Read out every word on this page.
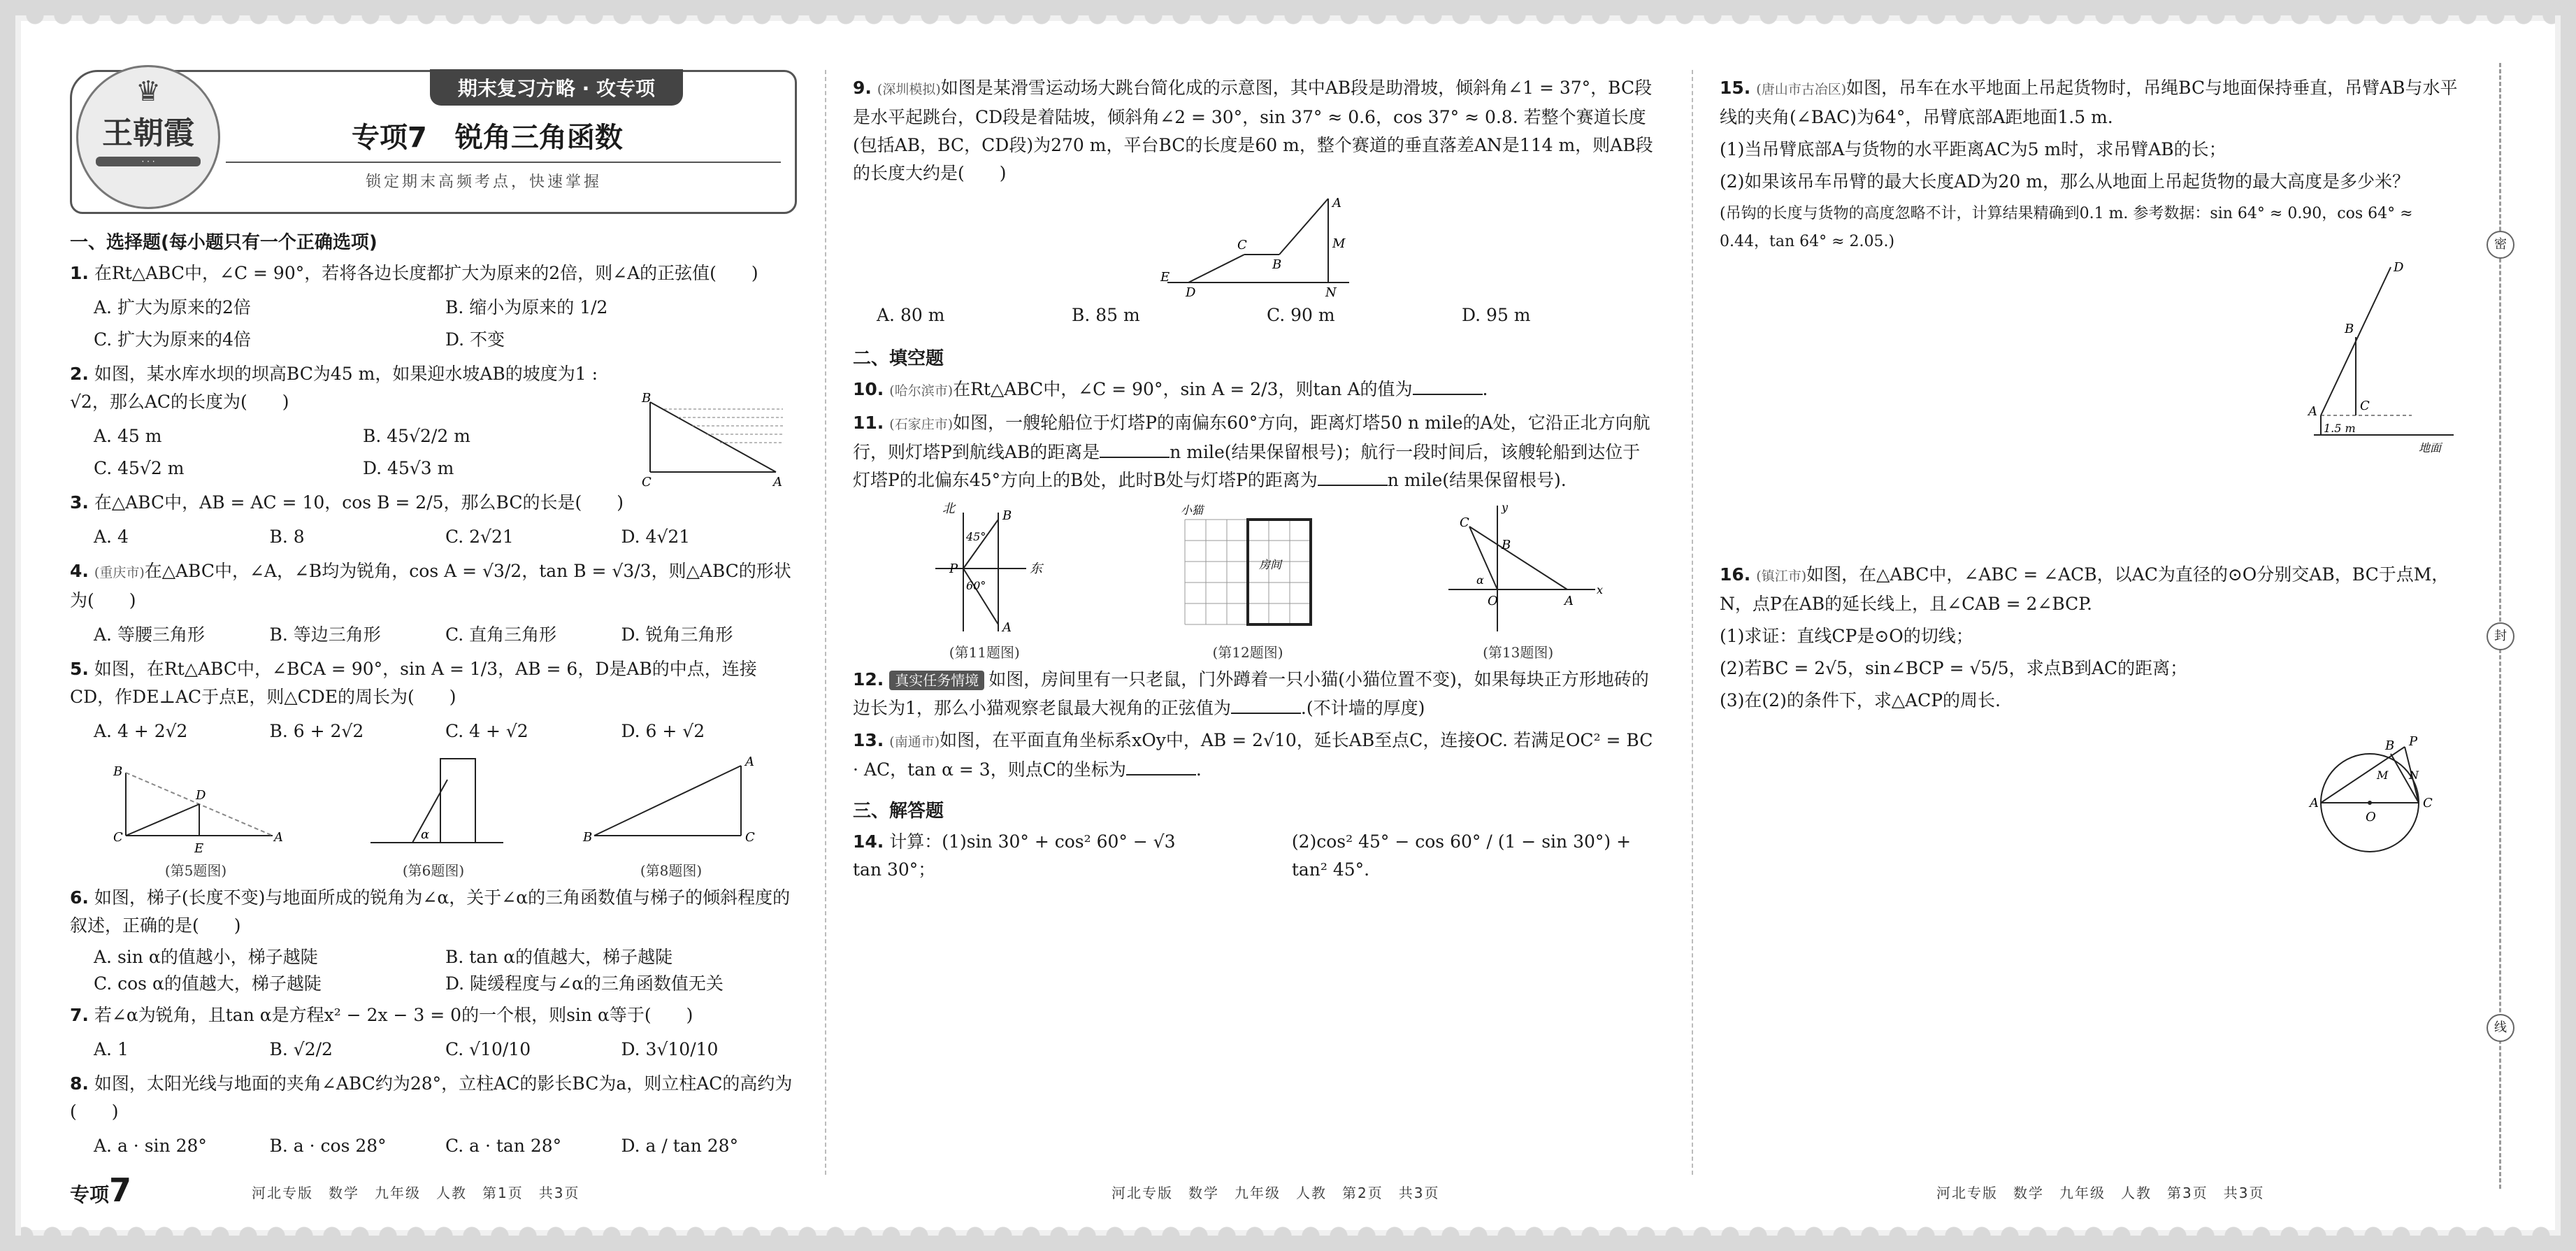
密
封
线
♛
王朝霞
· · ·
期末复习方略 · 攻专项
专项7　锐角三角函数
锁定期末高频考点，快速掌握
一、选择题(每小题只有一个正确选项)
1. 在Rt△ABC中，∠C = 90°，若将各边长度都扩大为原来的2倍，则∠A的正弦值(　　)
A. 扩大为原来的2倍	B. 缩小为原来的 1/2
C. 扩大为原来的4倍	D. 不变
2. 如图，某水库水坝的坝高BC为45 m，如果迎水坡AB的坡度为1 : √2，那么AC的长度为(　　)
A. 45 m	B. 45√2/2 m
C. 45√2 m	D. 45√3 m
B
C	A
3. 在△ABC中，AB = AC = 10，cos B = 2/5，那么BC的长是(　　)
A. 4	B. 8	C. 2√21	D. 4√21
4. (重庆市)在△ABC中，∠A，∠B均为锐角，cos A = √3/2，tan B = √3/3，则△ABC的形状为(　　)
A. 等腰三角形	B. 等边三角形	C. 直角三角形	D. 锐角三角形
5. 如图，在Rt△ABC中，∠BCA = 90°，sin A = 1/3，AB = 6，D是AB的中点，连接CD，作DE⊥AC于点E，则△CDE的周长为(　　)
A. 4 + 2√2	B. 6 + 2√2	C. 4 + √2	D. 6 + √2
B
C
D
E
A
(第5题图)
α
(第6题图)
B
A
C
(第8题图)
6. 如图，梯子(长度不变)与地面所成的锐角为∠α，关于∠α的三角函数值与梯子的倾斜程度的叙述，正确的是(　　)
A. sin α的值越小，梯子越陡	B. tan α的值越大，梯子越陡
C. cos α的值越大，梯子越陡	D. 陡缓程度与∠α的三角函数值无关
7. 若∠α为锐角，且tan α是方程x² − 2x − 3 = 0的一个根，则sin α等于(　　)
A. 1	B. √2/2	C. √10/10	D. 3√10/10
8. 如图，太阳光线与地面的夹角∠ABC约为28°，立柱AC的影长BC为a，则立柱AC的高约为(　　)
A. a · sin 28°	B. a · cos 28°	C. a · tan 28°	D. a / tan 28°
9. (深圳模拟)如图是某滑雪运动场大跳台简化成的示意图，其中AB段是助滑坡，倾斜角∠1 = 37°，BC段是水平起跳台，CD段是着陆坡，倾斜角∠2 = 30°，sin 37° ≈ 0.6，cos 37° ≈ 0.8. 若整个赛道长度(包括AB，BC，CD段)为270 m，平台BC的长度是60 m，整个赛道的垂直落差AN是114 m，则AB段的长度大约是(　　)
E
D
C
B
A
M
N
A. 80 m	B. 85 m	C. 90 m	D. 95 m
二、填空题
10. (哈尔滨市)在Rt△ABC中，∠C = 90°，sin A = 2/3，则tan A的值为	.
11. (石家庄市)如图，一艘轮船位于灯塔P的南偏东60°方向，距离灯塔50 n mile的A处，它沿正北方向航行，则灯塔P到航线AB的距离是	n mile(结果保留根号)；航行一段时间后，该艘轮船到达位于灯塔P的北偏东45°方向上的B处，此时B处与灯塔P的距离为	n mile(结果保留根号).
北
东
45°
60°
B
P
A
(第11题图)
小猫
房间
(第12题图)
x
y
C
B
A
O
α
(第13题图)
12. 真实任务情境 如图，房间里有一只老鼠，门外蹲着一只小猫(小猫位置不变)，如果每块正方形地砖的边长为1，那么小猫观察老鼠最大视角的正弦值为	.(不计墙的厚度)
13. (南通市)如图，在平面直角坐标系xOy中，AB = 2√10，延长AB至点C，连接OC. 若满足OC² = BC · AC，tan α = 3，则点C的坐标为	.
三、解答题
14. 计算：(1)sin 30° + cos² 60° − √3 tan 30°；
(2)cos² 45° − cos 60° / (1 − sin 30°) + tan² 45°.
15. (唐山市古冶区)如图，吊车在水平地面上吊起货物时，吊绳BC与地面保持垂直，吊臂AB与水平线的夹角(∠BAC)为64°，吊臂底部A距地面1.5 m.
(1)当吊臂底部A与货物的水平距离AC为5 m时，求吊臂AB的长；
(2)如果该吊车吊臂的最大长度AD为20 m，那么从地面上吊起货物的最大高度是多少米？
(吊钩的长度与货物的高度忽略不计，计算结果精确到0.1 m. 参考数据：sin 64° ≈ 0.90，cos 64° ≈ 0.44，tan 64° ≈ 2.05.)
D
B
C
A
1.5 m
地面
16. (镇江市)如图，在△ABC中，∠ABC = ∠ACB，以AC为直径的⊙O分别交AB，BC于点M，N，点P在AB的延长线上，且∠CAB = 2∠BCP.
(1)求证：直线CP是⊙O的切线；
(2)若BC = 2√5，sin∠BCP = √5/5，求点B到AC的距离；
(3)在(2)的条件下，求△ACP的周长.
A
B P
C
O
M N
专项7	河北专版　数学　九年级　人教　第1页　共3页	河北专版　数学　九年级　人教　第2页　共3页	河北专版　数学　九年级　人教　第3页　共3页
